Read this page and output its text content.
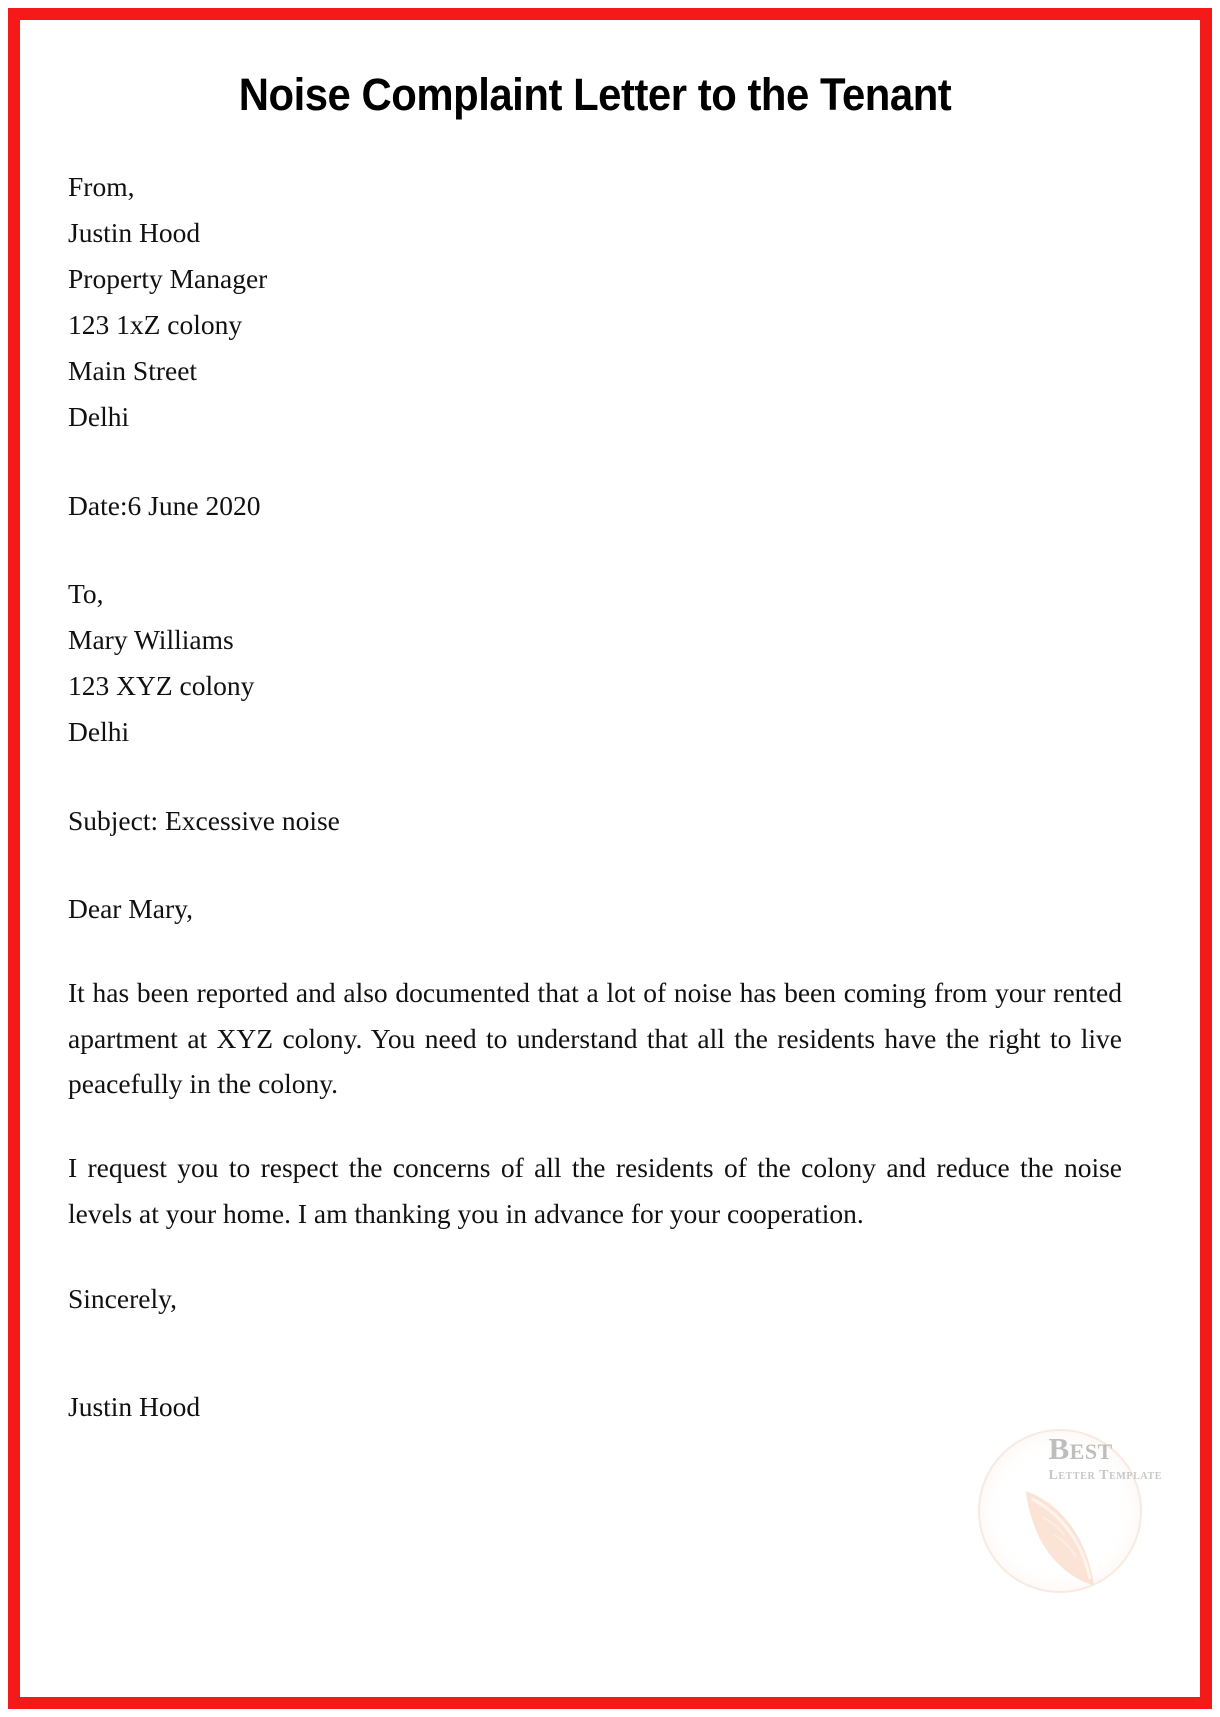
Noise Complaint Letter to the Tenant

From,

Justin Hood

Property Manager

123 1xZ colony

Main Street

Delhi

Date:6 June 2020

To,

Mary Williams

123 XYZ colony

Delhi

Subject: Excessive noise

Dear Mary,

It has been reported and also documented that a lot of noise has been coming from your rented apartment at XYZ colony. You need to understand that all the residents have the right to live peacefully in the colony.

I request you to respect the concerns of all the residents of the colony and reduce the noise levels at your home. I am thanking you in advance for your cooperation.

Sincerely,

Justin Hood

Best
Letter Template
